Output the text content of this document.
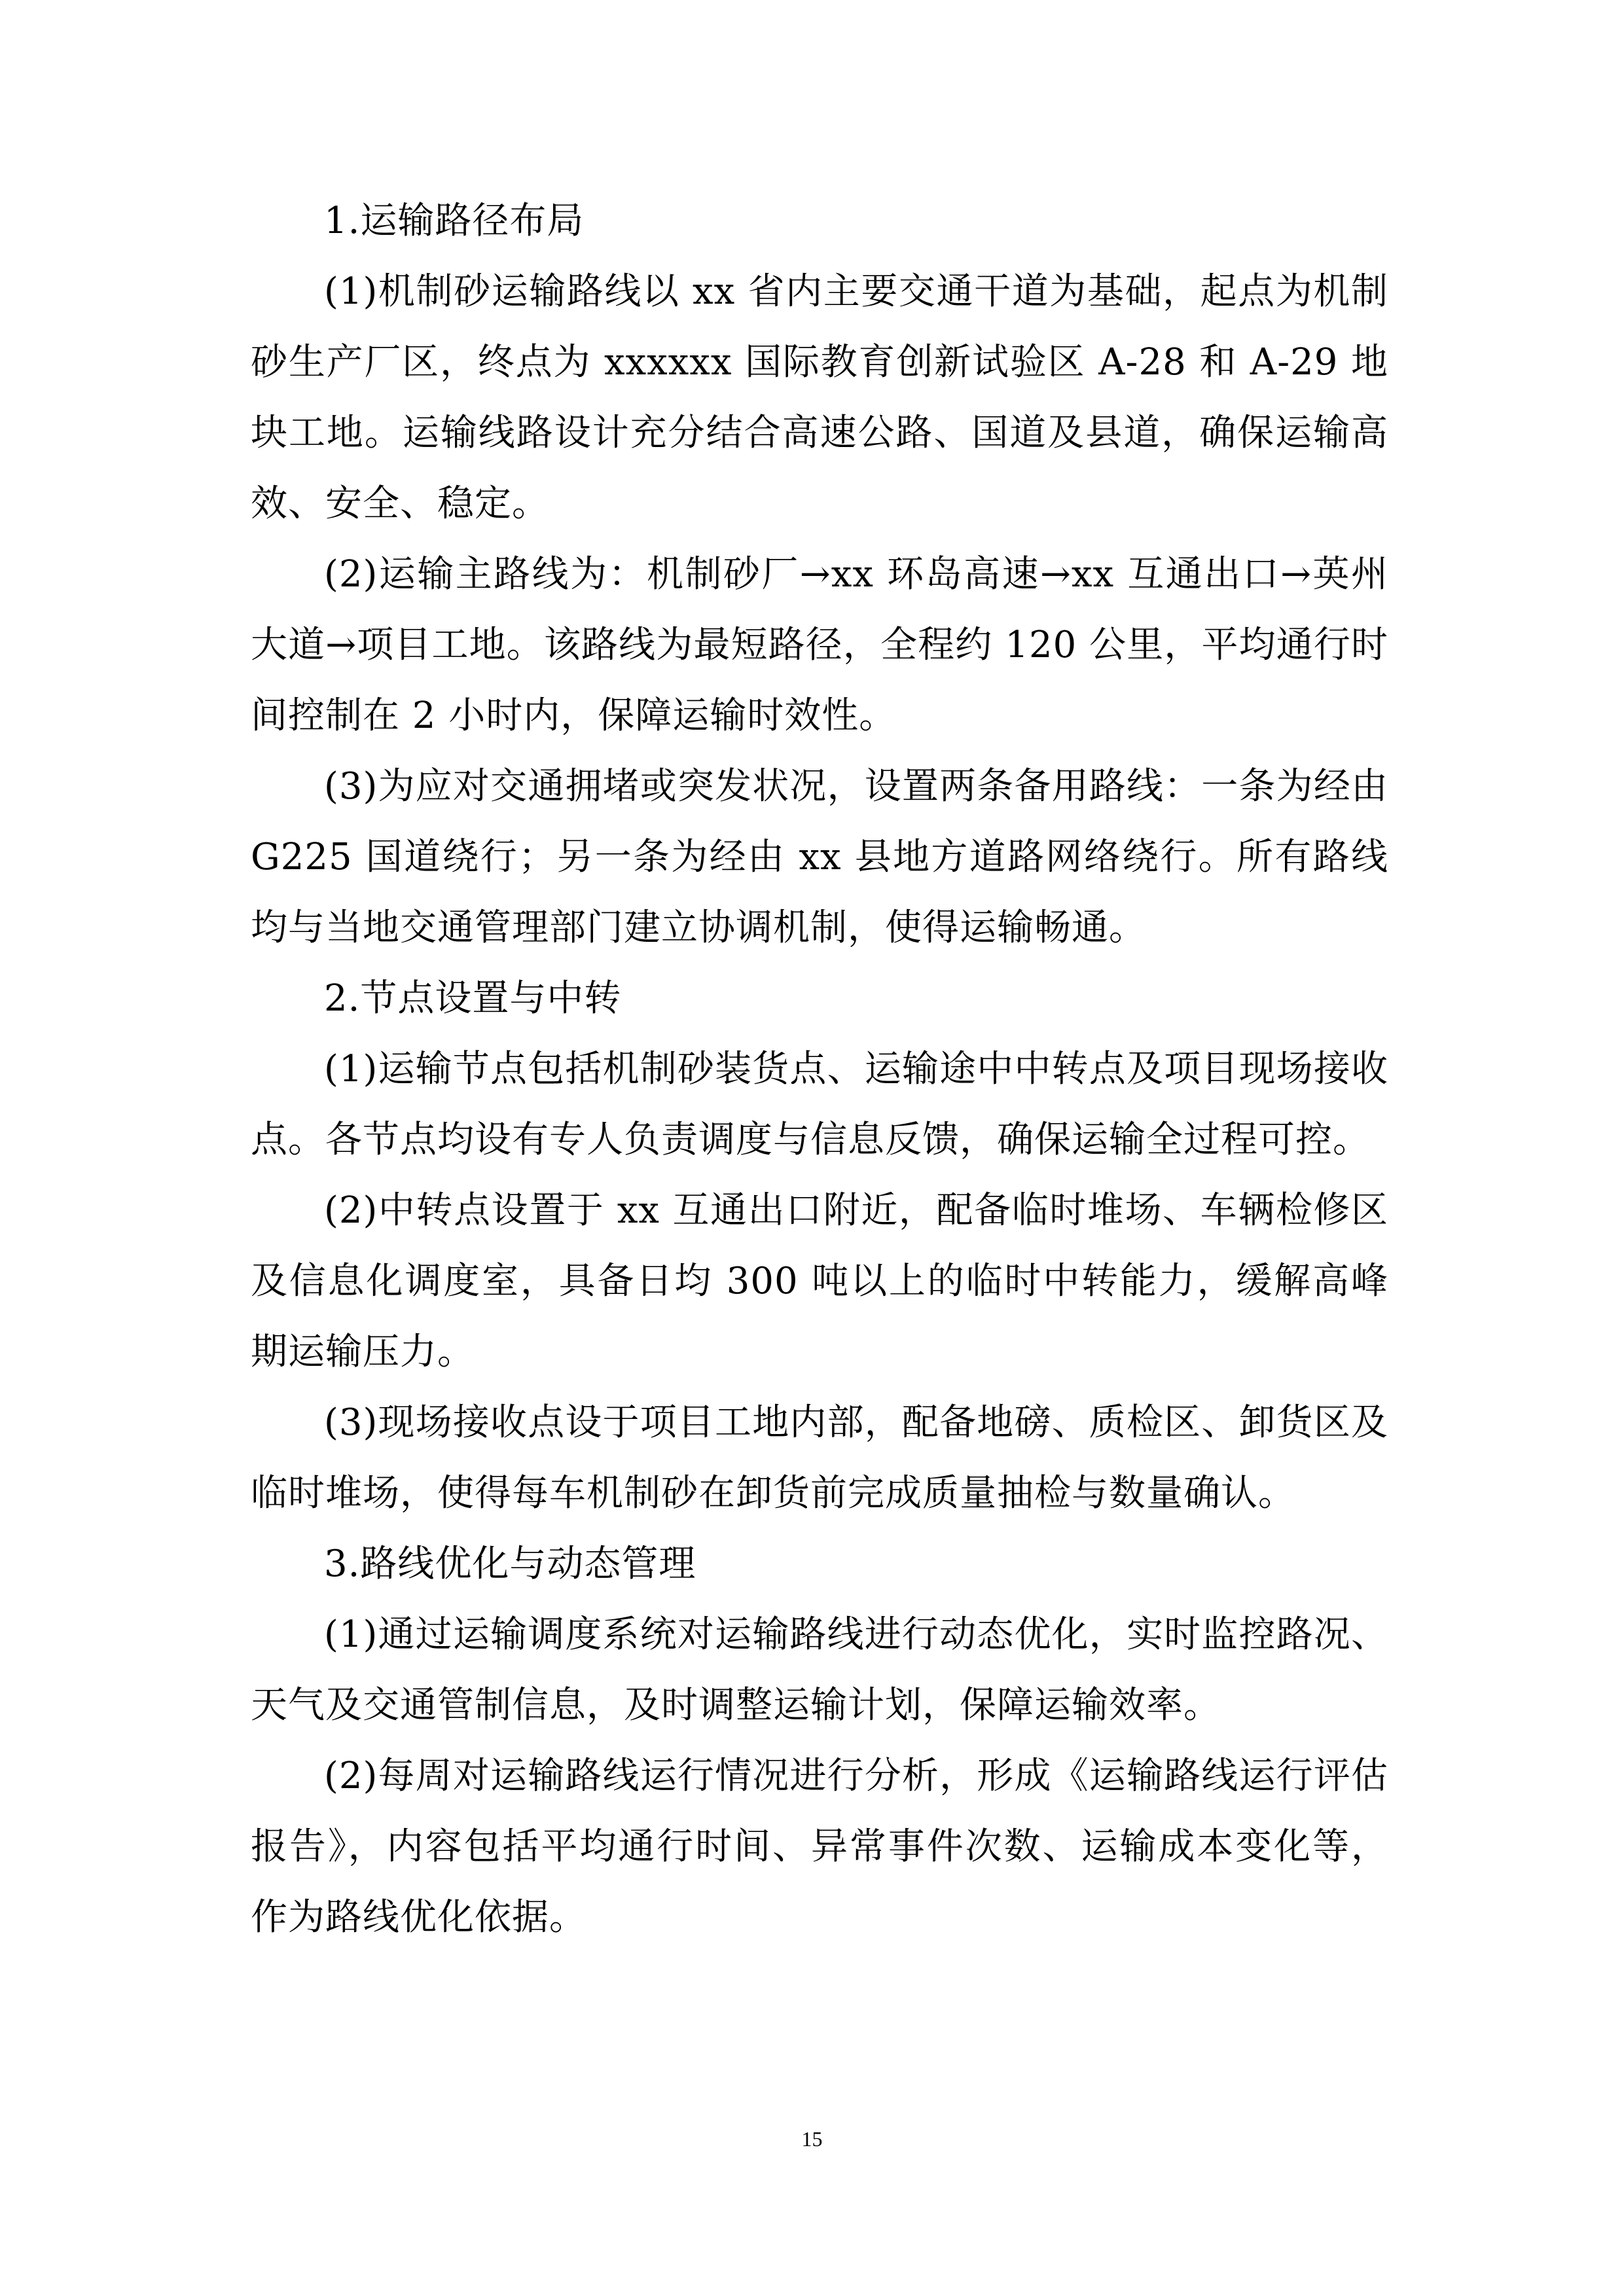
1.运输路径布局

(1)机制砂运输路线以 xx 省内主要交通干道为基础，起点为机制砂生产厂区，终点为 xxxxxx 国际教育创新试验区 A-28 和 A-29 地块工地。运输线路设计充分结合高速公路、国道及县道，确保运输高效、安全、稳定。

(2)运输主路线为：机制砂厂→xx 环岛高速→xx 互通出口→英州大道→项目工地。该路线为最短路径，全程约 120 公里，平均通行时间控制在 2 小时内，保障运输时效性。

(3)为应对交通拥堵或突发状况，设置两条备用路线：一条为经由 G225 国道绕行；另一条为经由 xx 县地方道路网络绕行。所有路线均与当地交通管理部门建立协调机制，使得运输畅通。

2.节点设置与中转

(1)运输节点包括机制砂装货点、运输途中中转点及项目现场接收点。各节点均设有专人负责调度与信息反馈，确保运输全过程可控。

(2)中转点设置于 xx 互通出口附近，配备临时堆场、车辆检修区及信息化调度室，具备日均 300 吨以上的临时中转能力，缓解高峰期运输压力。

(3)现场接收点设于项目工地内部，配备地磅、质检区、卸货区及临时堆场，使得每车机制砂在卸货前完成质量抽检与数量确认。

3.路线优化与动态管理

(1)通过运输调度系统对运输路线进行动态优化，实时监控路况、天气及交通管制信息，及时调整运输计划，保障运输效率。

(2)每周对运输路线运行情况进行分析，形成《运输路线运行评估报告》，内容包括平均通行时间、异常事件次数、运输成本变化等，作为路线优化依据。

15
